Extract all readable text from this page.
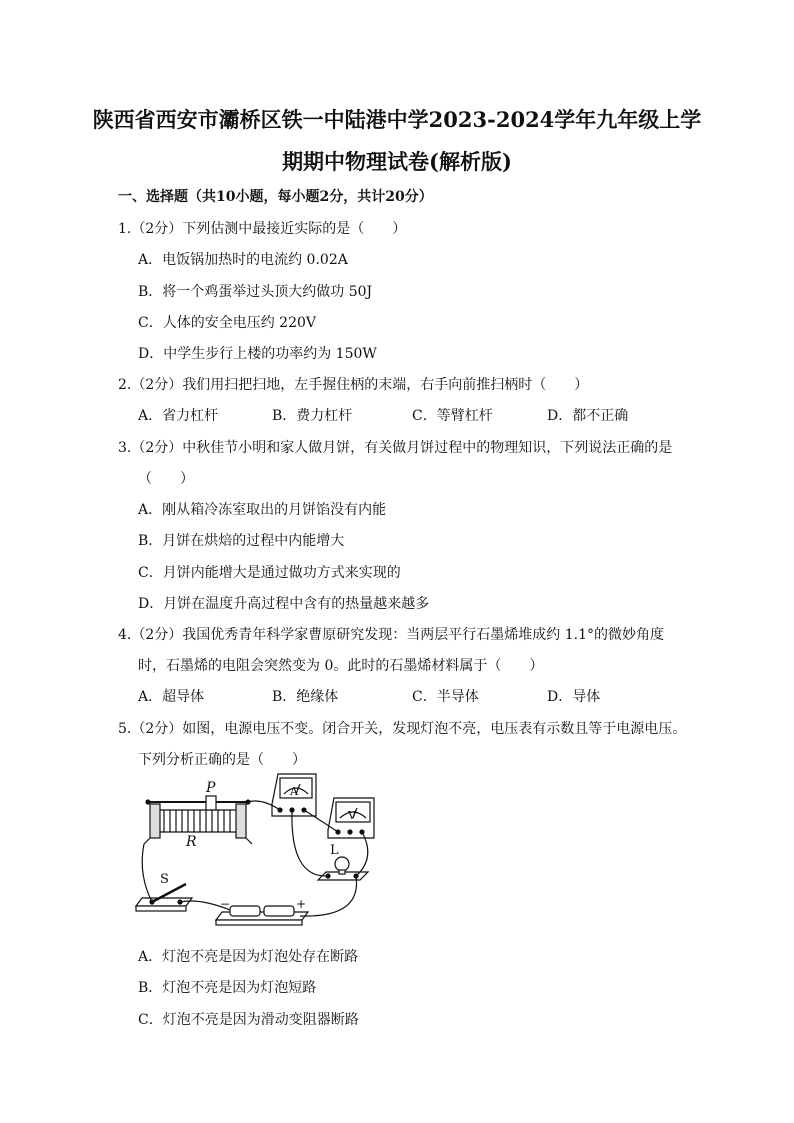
陕西省西安市灞桥区铁一中陆港中学2023-2024学年九年级上学
期期中物理试卷(解析版)
一、选择题（共10小题，每小题2分，共计20分）
1.（2分）下列估测中最接近实际的是（　　）
A．电饭锅加热时的电流约 0.02A
B．将一个鸡蛋举过头顶大约做功 50J
C．人体的安全电压约 220V
D．中学生步行上楼的功率约为 150W
2.（2分）我们用扫把扫地，左手握住柄的末端，右手向前推扫柄时（　　）
A．省力杠杆	B．费力杠杆	C．等臂杠杆	D．都不正确
3.（2分）中秋佳节小明和家人做月饼，有关做月饼过程中的物理知识，下列说法正确的是
（　　）
A．刚从箱冷冻室取出的月饼馅没有内能
B．月饼在烘焙的过程中内能增大
C．月饼内能增大是通过做功方式来实现的
D．月饼在温度升高过程中含有的热量越来越多
4.（2分）我国优秀青年科学家曹原研究发现：当两层平行石墨烯堆成约 1.1°的微妙角度
时，石墨烯的电阻会突然变为 0。此时的石墨烯材料属于（　　）
A．超导体	B．绝缘体	C．半导体	D．导体
5.（2分）如图，电源电压不变。闭合开关，发现灯泡不亮，电压表有示数且等于电源电压。
下列分析正确的是（　　）
P
R
A
V
L
S
−	+
A．灯泡不亮是因为灯泡处存在断路
B．灯泡不亮是因为灯泡短路
C．灯泡不亮是因为滑动变阻器断路
